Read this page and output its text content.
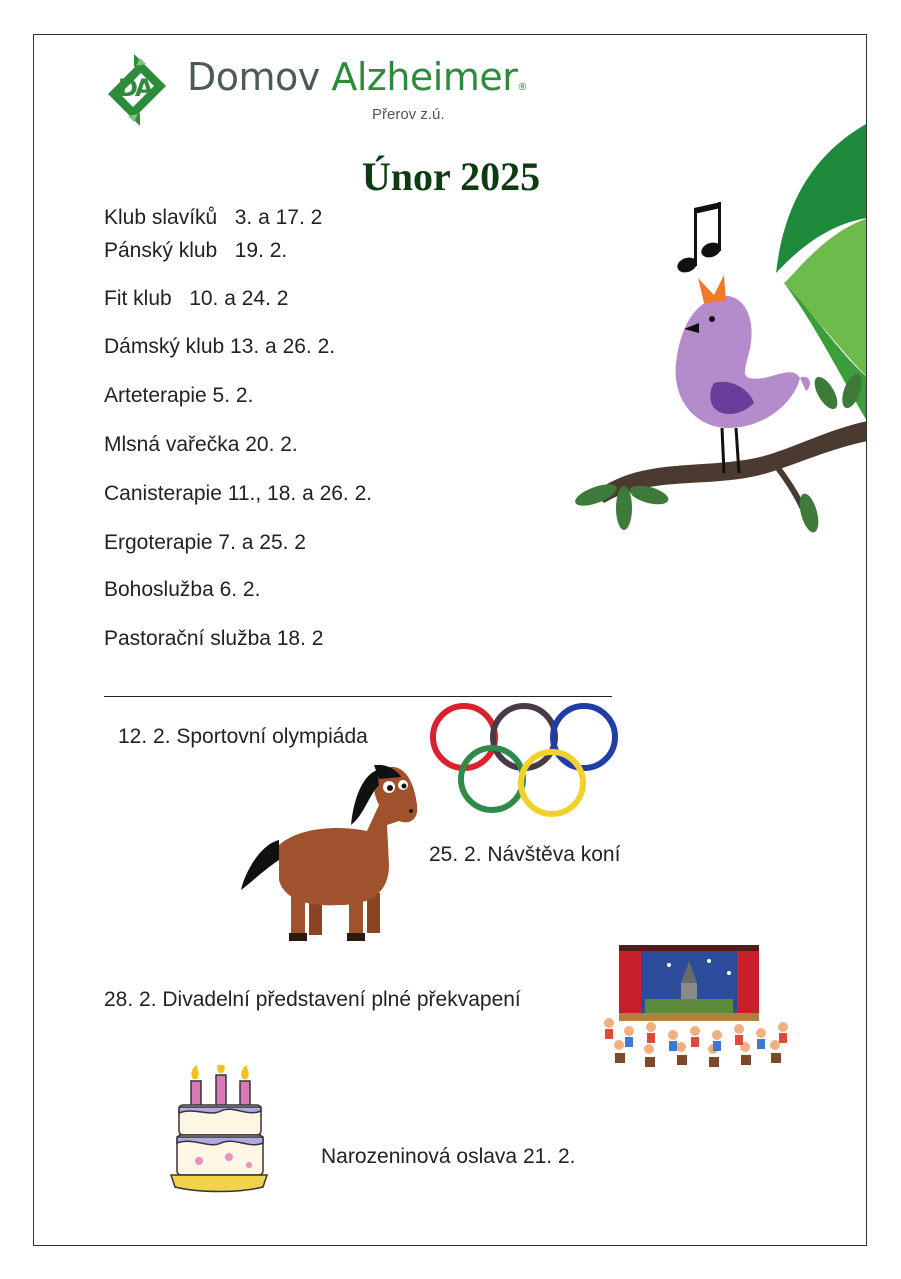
DA Domov Alzheimer®
Přerov z.ú.
Únor 2025
Klub slavíků   3. a 17. 2
Pánský klub   19. 2.
Fit klub   10. a 24. 2
Dámský klub 13. a 26. 2.
Arteterapie 5. 2.
Mlsná vařečka 20. 2.
Canisterapie 11., 18. a 26. 2.
Ergoterapie 7. a 25. 2
Bohoslužba 6. 2.
Pastorační služba 18. 2
12. 2. Sportovní olympiáda
25. 2. Návštěva koní
28. 2. Divadelní představení plné překvapení
Narozeninová oslava 21. 2.
